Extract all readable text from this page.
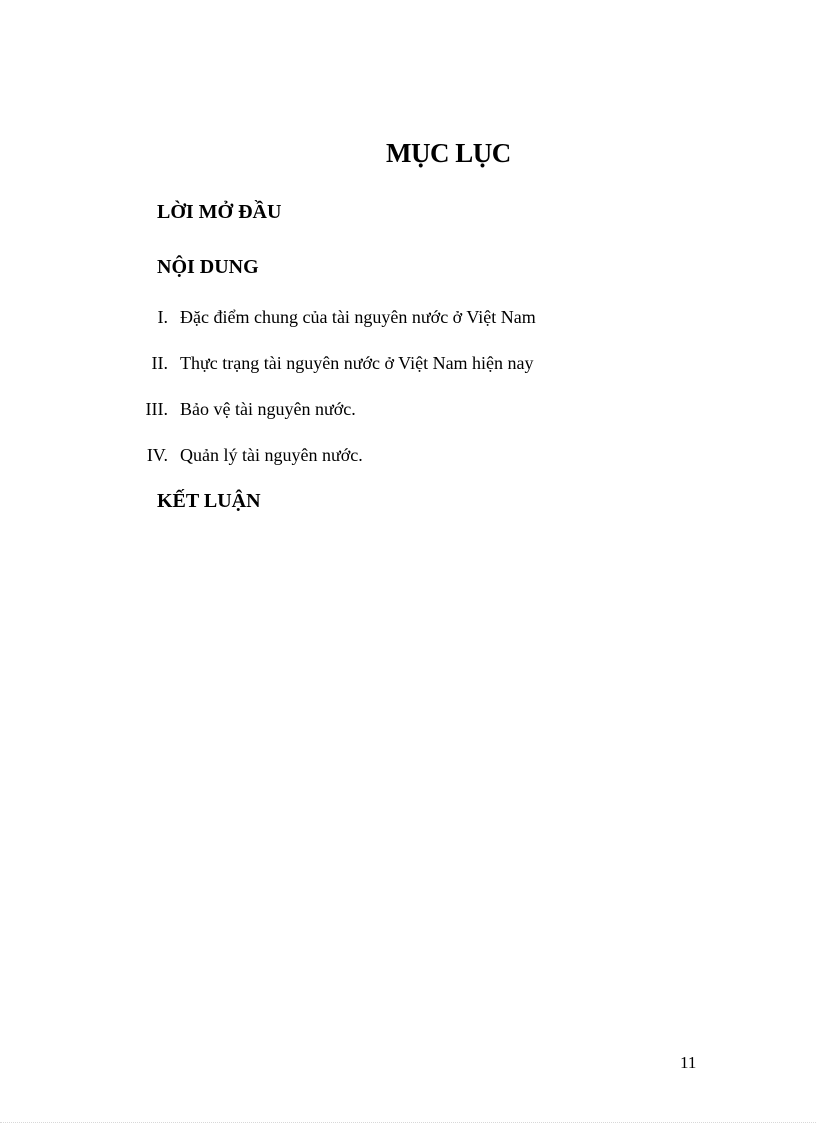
MỤC LỤC
LỜI MỞ ĐẦU
NỘI DUNG
I. Đặc điểm chung của tài nguyên nước ở Việt Nam
II. Thực trạng tài nguyên nước ở Việt Nam hiện nay
III. Bảo vệ tài nguyên nước.
IV. Quản lý tài nguyên nước.
KẾT LUẬN
11
